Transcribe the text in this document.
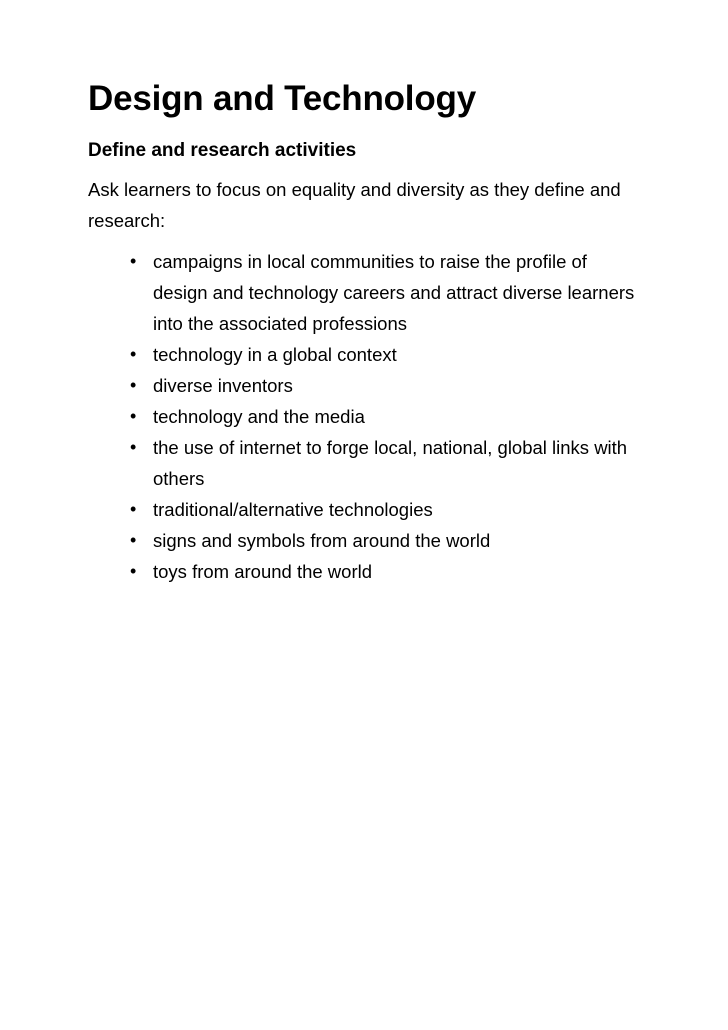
Design and Technology
Define and research activities

Ask learners to focus on equality and diversity as they define and research:

• campaigns in local communities to raise the profile of design and technology careers and attract diverse learners into the associated professions
• technology in a global context
• diverse inventors
• technology and the media
• the use of internet to forge local, national, global links with others
• traditional/alternative technologies
• signs and symbols from around the world
• toys from around the world
